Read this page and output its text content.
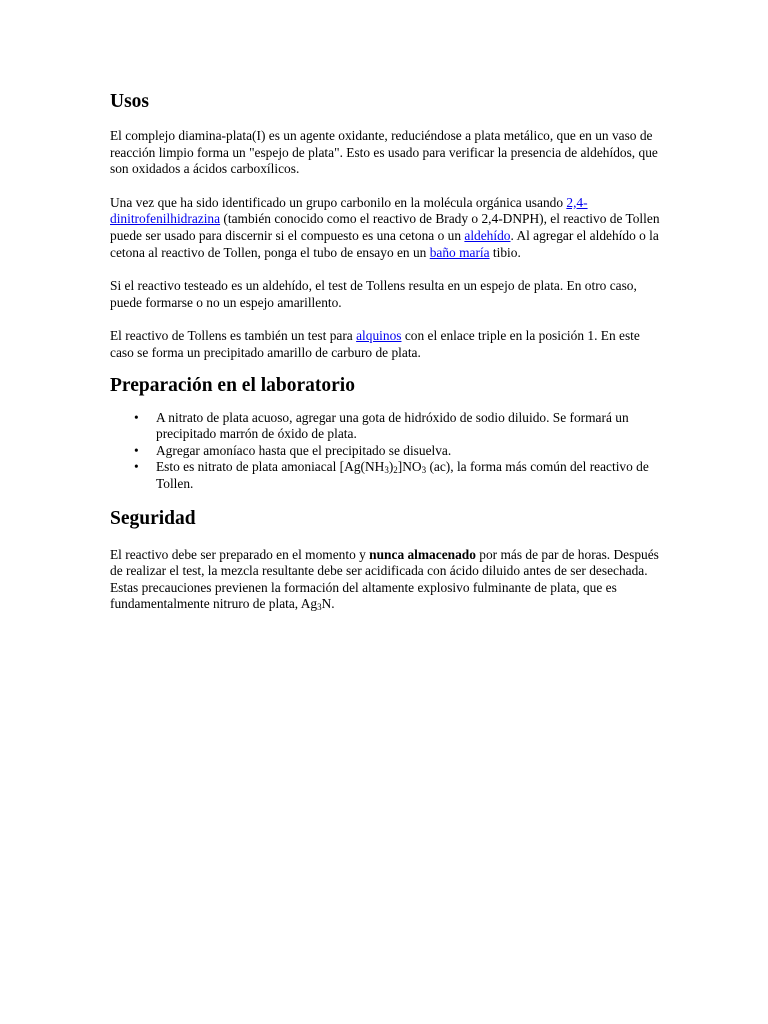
Usos

El complejo diamina-plata(I) es un agente oxidante, reduciéndose a plata metálico, que en un vaso de reacción limpio forma un "espejo de plata". Esto es usado para verificar la presencia de aldehídos, que son oxidados a ácidos carboxílicos.

Una vez que ha sido identificado un grupo carbonilo en la molécula orgánica usando 2,4-dinitrofenilhidrazina (también conocido como el reactivo de Brady o 2,4-DNPH), el reactivo de Tollen puede ser usado para discernir si el compuesto es una cetona o un aldehído. Al agregar el aldehído o la cetona al reactivo de Tollen, ponga el tubo de ensayo en un baño maría tibio.

Si el reactivo testeado es un aldehído, el test de Tollens resulta en un espejo de plata. En otro caso, puede formarse o no un espejo amarillento.

El reactivo de Tollens es también un test para alquinos con el enlace triple en la posición 1. En este caso se forma un precipitado amarillo de carburo de plata.

Preparación en el laboratorio
• A nitrato de plata acuoso, agregar una gota de hidróxido de sodio diluido. Se formará un precipitado marrón de óxido de plata.
• Agregar amoníaco hasta que el precipitado se disuelva.
• Esto es nitrato de plata amoniacal $[Ag(NH_3)_2]NO_3$ (ac), la forma más común del reactivo de Tollen.
Seguridad

El reactivo debe ser preparado en el momento y nunca almacenado por más de par de horas. Después de realizar el test, la mezcla resultante debe ser acidificada con ácido diluido antes de ser desechada. Estas precauciones previenen la formación del altamente explosivo fulminante de plata, que es fundamentalmente nitruro de plata, $Ag_3N$.
